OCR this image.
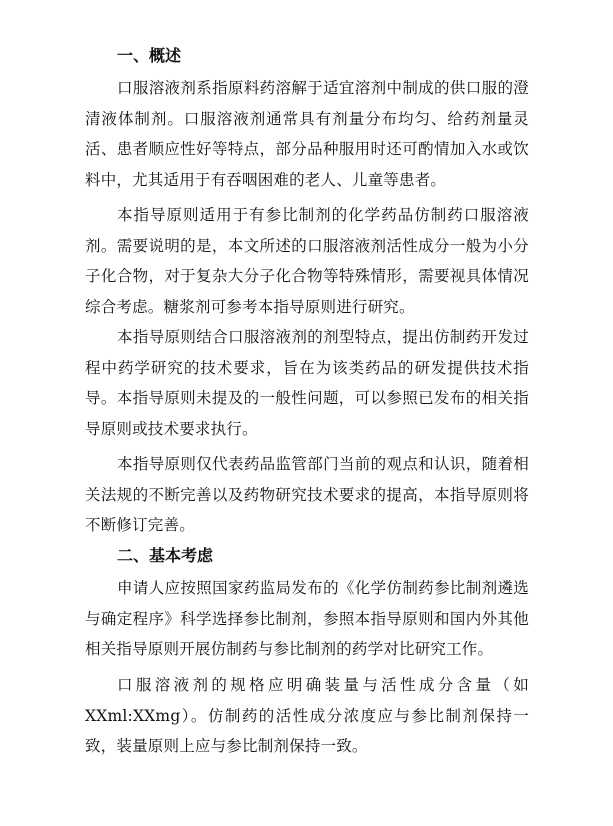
一、概述

口服溶液剂系指原料药溶解于适宜溶剂中制成的供口服的澄清液体制剂。口服溶液剂通常具有剂量分布均匀、给药剂量灵活、患者顺应性好等特点，部分品种服用时还可酌情加入水或饮料中，尤其适用于有吞咽困难的老人、儿童等患者。

本指导原则适用于有参比制剂的化学药品仿制药口服溶液剂。需要说明的是，本文所述的口服溶液剂活性成分一般为小分子化合物，对于复杂大分子化合物等特殊情形，需要视具体情况综合考虑。糖浆剂可参考本指导原则进行研究。

本指导原则结合口服溶液剂的剂型特点，提出仿制药开发过程中药学研究的技术要求，旨在为该类药品的研发提供技术指导。本指导原则未提及的一般性问题，可以参照已发布的相关指导原则或技术要求执行。

本指导原则仅代表药品监管部门当前的观点和认识，随着相关法规的不断完善以及药物研究技术要求的提高，本指导原则将不断修订完善。

二、基本考虑

申请人应按照国家药监局发布的《化学仿制药参比制剂遴选与确定程序》科学选择参比制剂，参照本指导原则和国内外其他相关指导原则开展仿制药与参比制剂的药学对比研究工作。

口服溶液剂的规格应明确装量与活性成分含量（如XXml:XXmg）。仿制药的活性成分浓度应与参比制剂保持一致，装量原则上应与参比制剂保持一致。
